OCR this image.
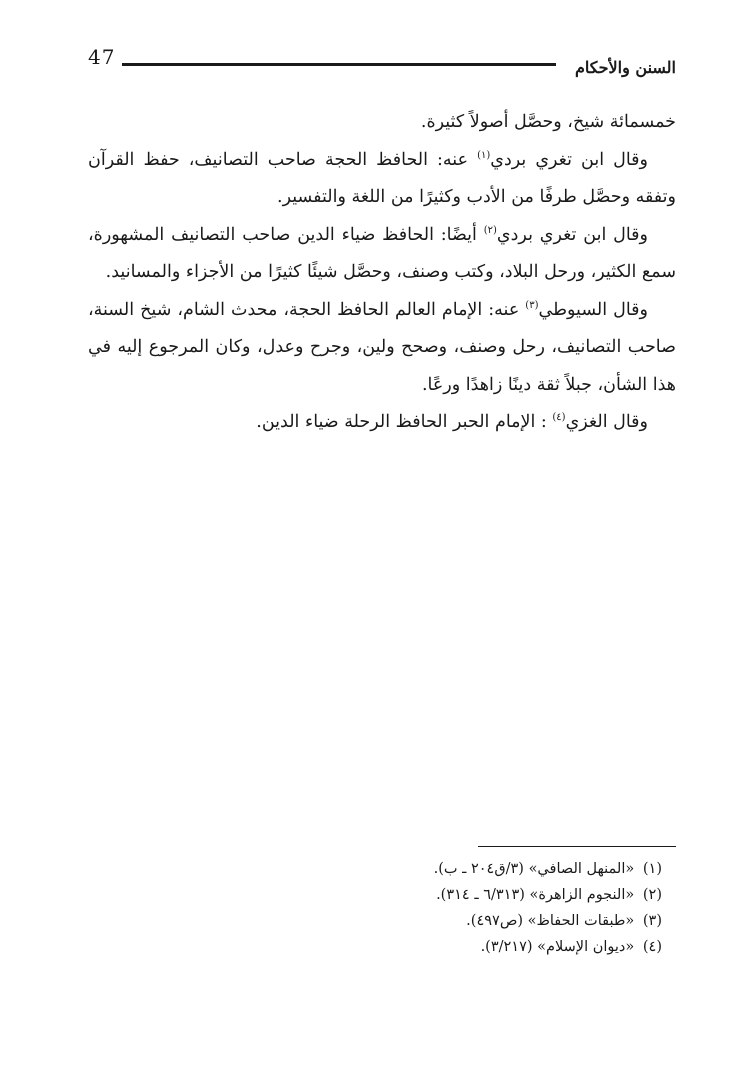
47	السنن والأحكام

خمسمائة شيخ، وحصَّل أصولاً كثيرة.

وقال ابن تغري بردي$^{(١)}$ عنه: الحافظ الحجة صاحب التصانيف، حفظ القرآن وتفقه وحصَّل طرفًا من الأدب وكثيرًا من اللغة والتفسير.

وقال ابن تغري بردي$^{(٢)}$ أيضًا: الحافظ ضياء الدين صاحب التصانيف المشهورة، سمع الكثير، ورحل البلاد، وكتب وصنف، وحصَّل شيئًا كثيرًا من الأجزاء والمسانيد.

وقال السيوطي$^{(٣)}$ عنه: الإمام العالم الحافظ الحجة، محدث الشام، شيخ السنة، صاحب التصانيف، رحل وصنف، وصحح ولين، وجرح وعدل، وكان المرجوع إليه في هذا الشأن، جبلاً ثقة دينًا زاهدًا ورعًا.

وقال الغزي$^{(٤)}$ : الإمام الحبر الحافظ الرحلة ضياء الدين.

(١) «المنهل الصافي» (٣/ق٢٠٤ ـ ب).
(٢) «النجوم الزاهرة» (٦/٣١٣ ـ ٣١٤).
(٣) «طبقات الحفاظ» (ص٤٩٧).
(٤) «ديوان الإسلام» (٣/٢١٧).
